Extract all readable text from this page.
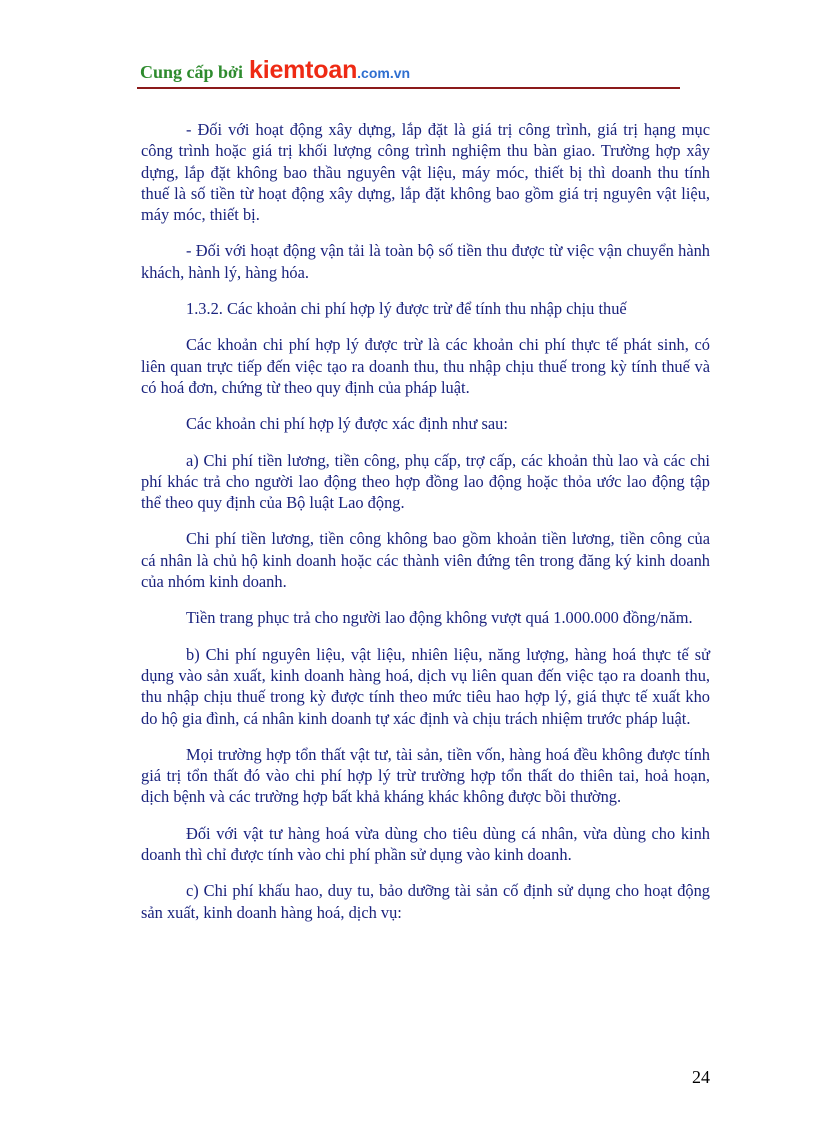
Cung cấp bởi kiemtoan.com.vn

- Đối với hoạt động xây dựng, lắp đặt là giá trị công trình, giá trị hạng mục công trình hoặc giá trị khối lượng công trình nghiệm thu bàn giao. Trường hợp xây dựng, lắp đặt không bao thầu nguyên vật liệu, máy móc, thiết bị thì doanh thu tính thuế là số tiền từ hoạt động xây dựng, lắp đặt không bao gồm giá trị nguyên vật liệu, máy móc, thiết bị.

- Đối với hoạt động vận tải là toàn bộ số tiền thu được từ việc vận chuyển hành khách, hành lý, hàng hóa.

1.3.2. Các khoản chi phí hợp lý được trừ để tính thu nhập chịu thuế

Các khoản chi phí hợp lý được trừ là các khoản chi phí thực tế phát sinh, có liên quan trực tiếp đến việc tạo ra doanh thu, thu nhập chịu thuế trong kỳ tính thuế và có hoá đơn, chứng từ theo quy định của pháp luật.

Các khoản chi phí hợp lý được xác định như sau:

a) Chi phí tiền lương, tiền công, phụ cấp, trợ cấp, các khoản thù lao và các chi phí khác trả cho người lao động theo hợp đồng lao động hoặc thỏa ước lao động tập thể theo quy định của Bộ luật Lao động.

Chi phí tiền lương, tiền công không bao gồm khoản tiền lương, tiền công của cá nhân là chủ hộ kinh doanh hoặc các thành viên đứng tên trong đăng ký kinh doanh của nhóm kinh doanh.

Tiền trang phục trả cho người lao động không vượt quá 1.000.000 đồng/năm.

b) Chi phí nguyên liệu, vật liệu, nhiên liệu, năng lượng, hàng hoá thực tế sử dụng vào sản xuất, kinh doanh hàng hoá, dịch vụ liên quan đến việc tạo ra doanh thu, thu nhập chịu thuế trong kỳ được tính theo mức tiêu hao hợp lý, giá thực tế xuất kho do hộ gia đình, cá nhân kinh doanh tự xác định và chịu trách nhiệm trước pháp luật.

Mọi trường hợp tổn thất vật tư, tài sản, tiền vốn, hàng hoá đều không được tính giá trị tổn thất đó vào chi phí hợp lý trừ trường hợp tổn thất do thiên tai, hoả hoạn, dịch bệnh và các trường hợp bất khả kháng khác không được bồi thường.

Đối với vật tư hàng hoá vừa dùng cho tiêu dùng cá nhân, vừa dùng cho kinh doanh thì chỉ được tính vào chi phí phần sử dụng vào kinh doanh.

c) Chi phí khấu hao, duy tu, bảo dưỡng tài sản cố định sử dụng cho hoạt động sản xuất, kinh doanh hàng hoá, dịch vụ:

24
